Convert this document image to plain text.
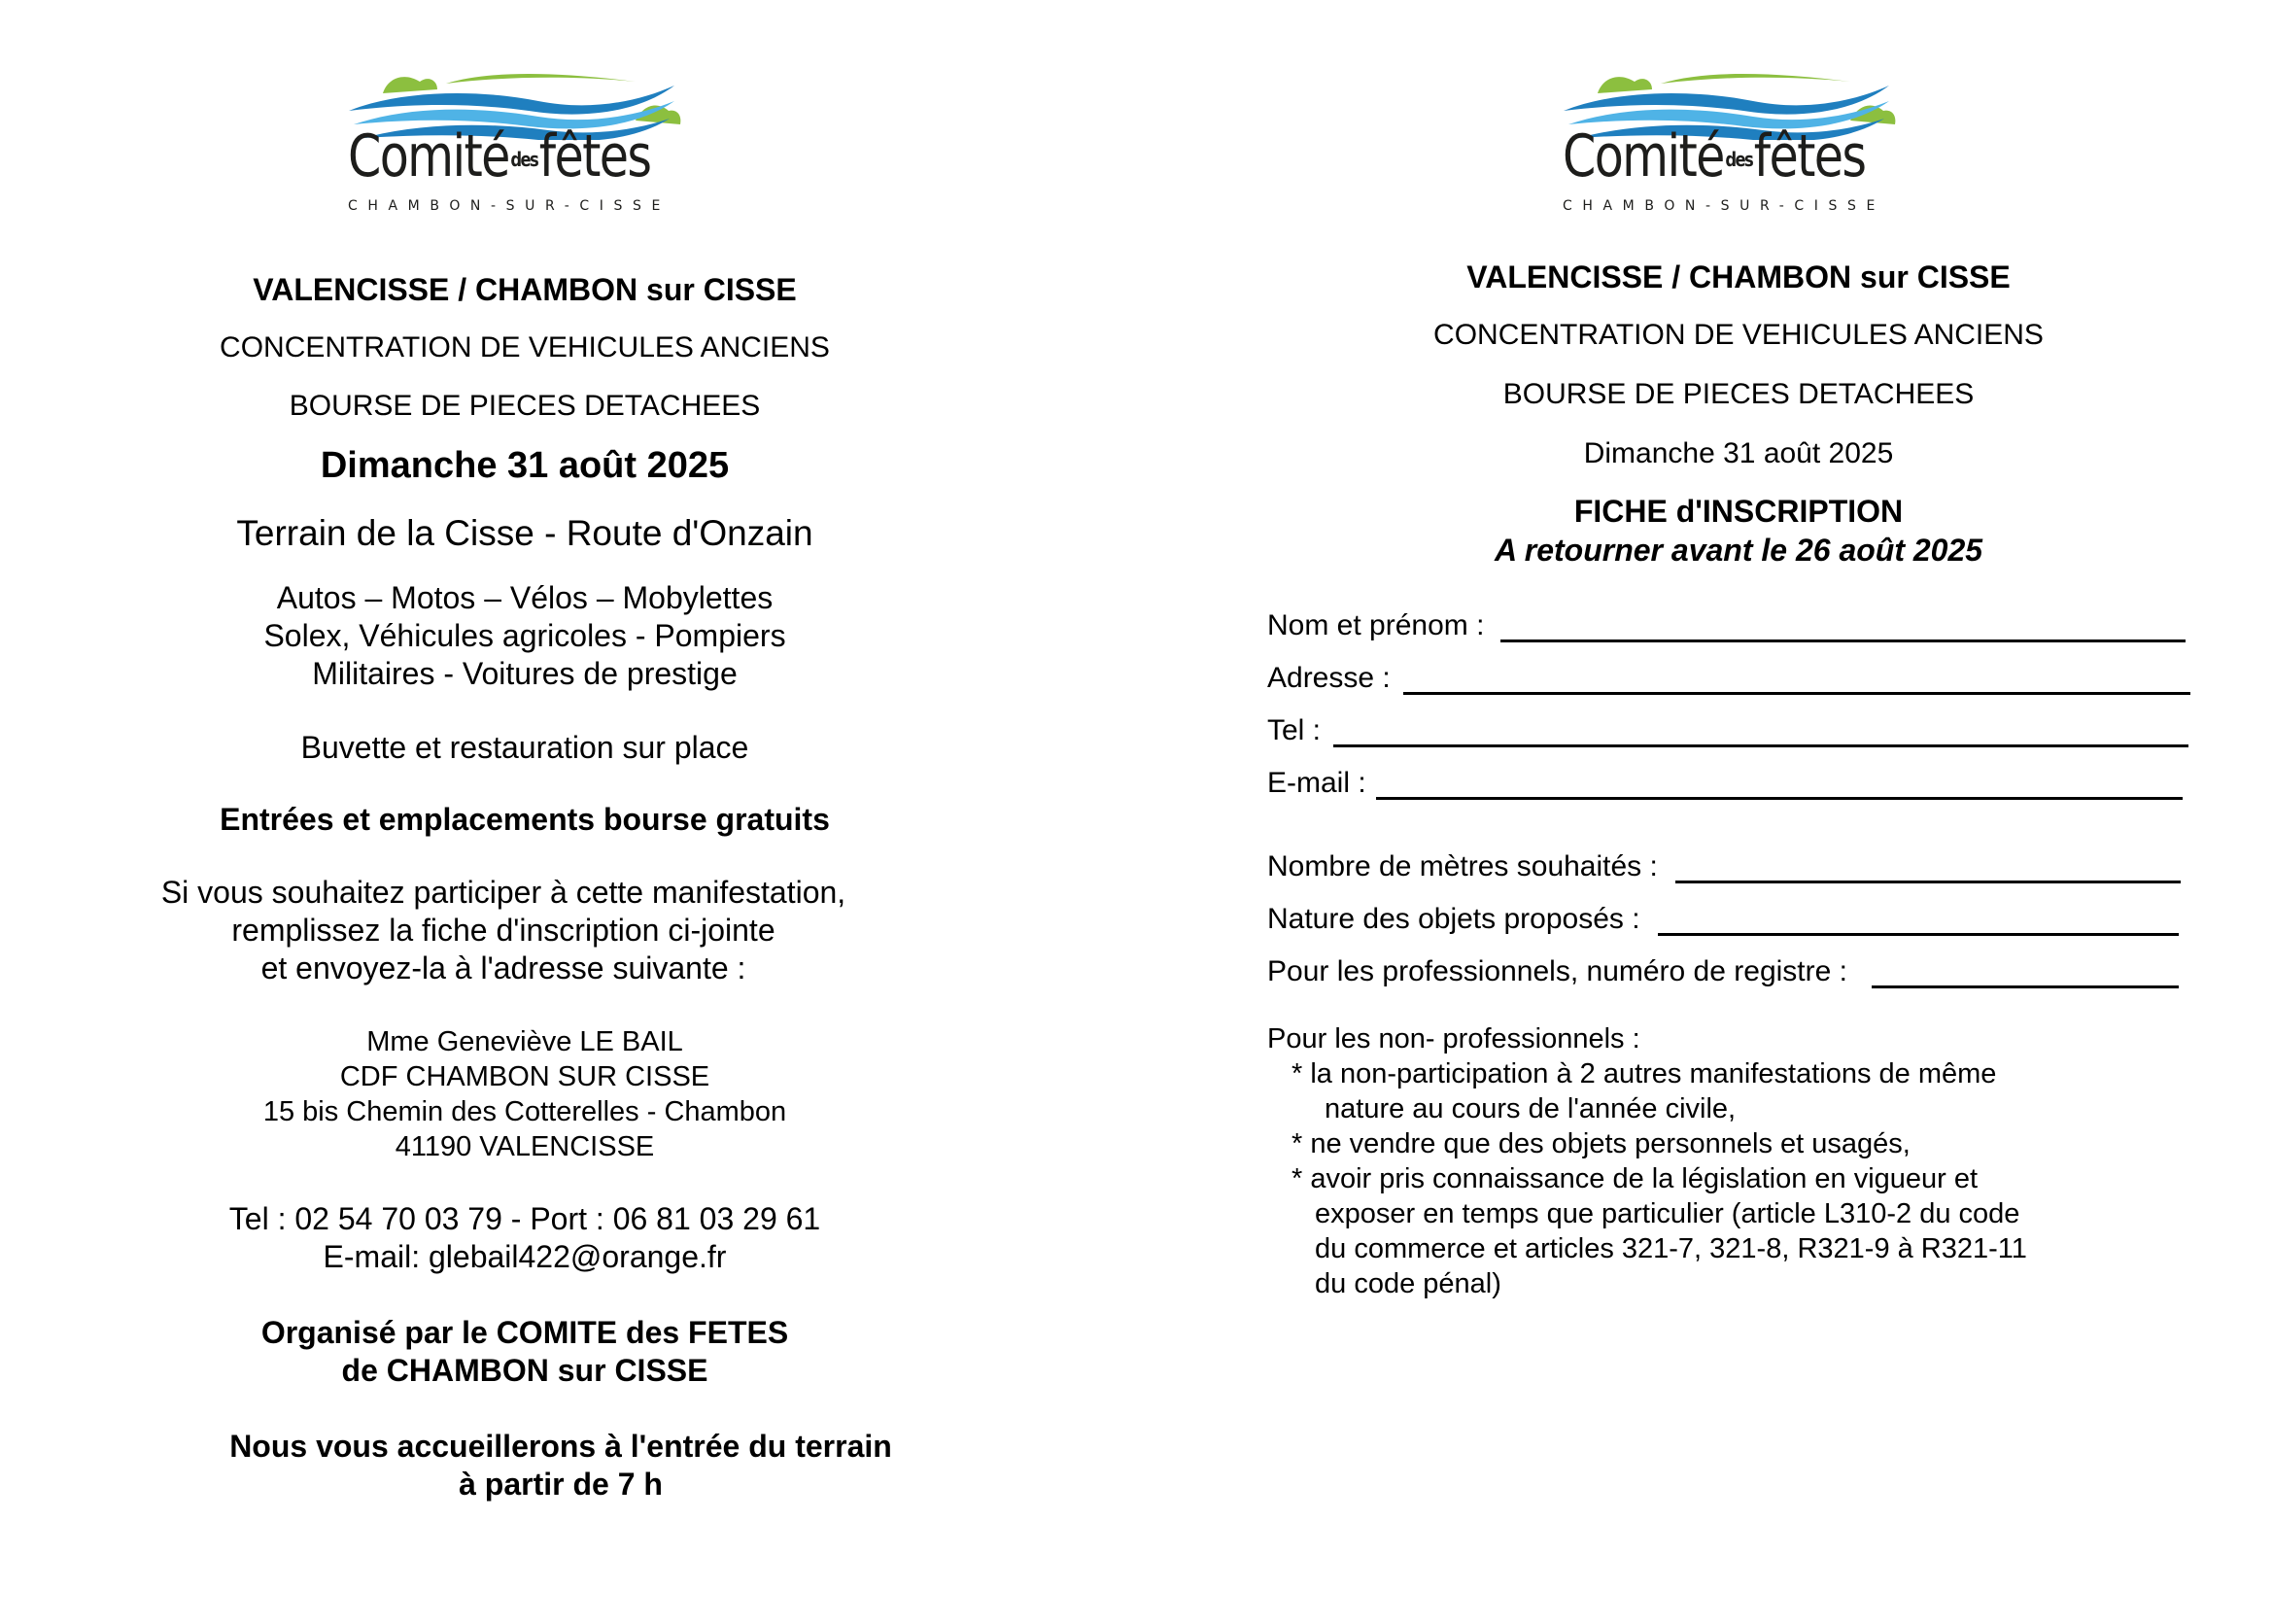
Comitédesfêtes
CHAMBON-SUR-CISSE
VALENCISSE / CHAMBON sur CISSE
CONCENTRATION DE VEHICULES ANCIENS
BOURSE DE PIECES DETACHEES
Dimanche 31 août 2025
Terrain de la Cisse - Route d'Onzain
Autos – Motos – Vélos – Mobylettes
Solex, Véhicules agricoles - Pompiers
Militaires - Voitures de prestige
Buvette et restauration sur place
Entrées et emplacements bourse gratuits
Si vous souhaitez participer à cette manifestation,
remplissez la fiche d'inscription ci-jointe
et envoyez-la à l'adresse suivante :
Mme Geneviève LE BAIL
CDF CHAMBON SUR CISSE
15 bis Chemin des Cotterelles - Chambon
41190 VALENCISSE
Tel : 02 54 70 03 79 - Port : 06 81 03 29 61
E-mail: glebail422@orange.fr
Organisé par le COMITE des FETES
de CHAMBON sur CISSE
Nous vous accueillerons à l'entrée du terrain
à partir de 7 h
Comitédesfêtes
CHAMBON-SUR-CISSE
VALENCISSE / CHAMBON sur CISSE
CONCENTRATION DE VEHICULES ANCIENS
BOURSE DE PIECES DETACHEES
Dimanche 31 août 2025
FICHE d'INSCRIPTION
A retourner avant le 26 août 2025
Nom et prénom :
Adresse :
Tel :
E-mail :
Nombre de mètres souhaités :
Nature des objets proposés :
Pour les professionnels, numéro de registre :
Pour les non- professionnels :
* la non-participation à 2 autres manifestations de même
nature au cours de l'année civile,
* ne vendre que des objets personnels et usagés,
* avoir pris connaissance de la législation en vigueur et
exposer en temps que particulier (article L310-2 du code
du commerce et articles 321-7, 321-8, R321-9 à R321-11
du code pénal)
